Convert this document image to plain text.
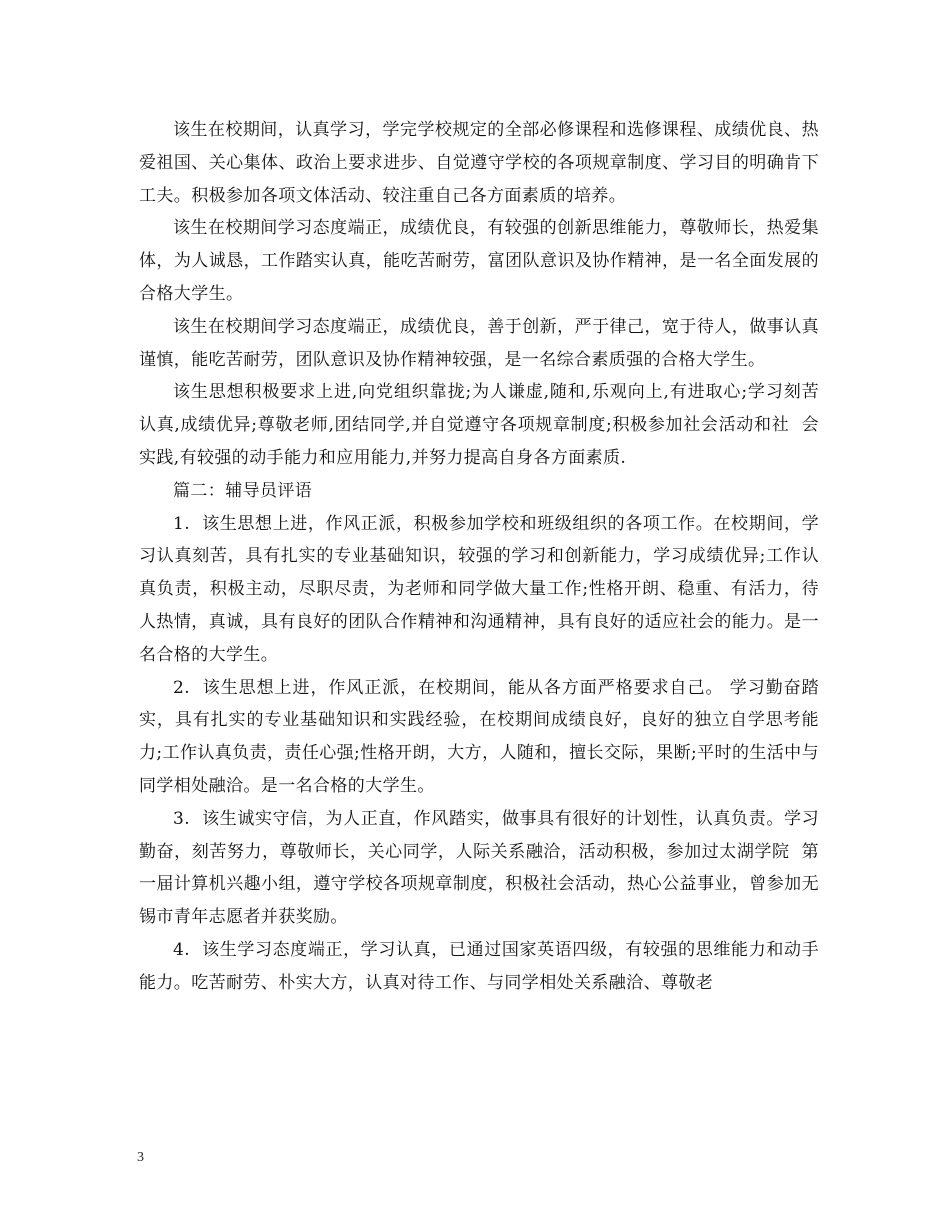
该生在校期间，认真学习，学完学校规定的全部必修课程和选修课程、成绩优良、热爱祖国、关心集体、政治上要求进步、自觉遵守学校的各项规章制度、学习目的明确肯下工夫。积极参加各项文体活动、较注重自己各方面素质的培养。

该生在校期间学习态度端正，成绩优良，有较强的创新思维能力，尊敬师长，热爱集体，为人诚恳，工作踏实认真，能吃苦耐劳，富团队意识及协作精神，是一名全面发展的合格大学生。

该生在校期间学习态度端正，成绩优良，善于创新，严于律己，宽于待人，做事认真谨慎，能吃苦耐劳，团队意识及协作精神较强，是一名综合素质强的合格大学生。

该生思想积极要求上进,向党组织靠拢;为人谦虚,随和,乐观向上,有进取心;学习刻苦  认真,成绩优异;尊敬老师,团结同学,并自觉遵守各项规章制度;积极参加社会活动和社  会实践,有较强的动手能力和应用能力,并努力提高自身各方面素质.

篇二：辅导员评语

1.  该生思想上进，作风正派，积极参加学校和班级组织的各项工作。在校期间，学习认真刻苦，具有扎实的专业基础知识，较强的学习和创新能力，学习成绩优异;工作认真负责，积极主动，尽职尽责，为老师和同学做大量工作;性格开朗、稳重、有活力，待人热情，真诚，具有良好的团队合作精神和沟通精神，具有良好的适应社会的能力。是一名合格的大学生。

2.  该生思想上进，作风正派，在校期间，能从各方面严格要求自己。 学习勤奋踏实，具有扎实的专业基础知识和实践经验，在校期间成绩良好，良好的独立自学思考能力;工作认真负责，责任心强;性格开朗，大方，人随和，擅长交际，果断;平时的生活中与同学相处融洽。是一名合格的大学生。

3.  该生诚实守信，为人正直，作风踏实，做事具有很好的计划性，认真负责。学习勤奋，刻苦努力，尊敬师长，关心同学，人际关系融洽，活动积极，参加过太湖学院  第一届计算机兴趣小组，遵守学校各项规章制度，积极社会活动，热心公益事业，曾参加无锡市青年志愿者并获奖励。

4.  该生学习态度端正，学习认真，已通过国家英语四级，有较强的思维能力和动手能力。吃苦耐劳、朴实大方，认真对待工作、与同学相处关系融洽、尊敬老

3
